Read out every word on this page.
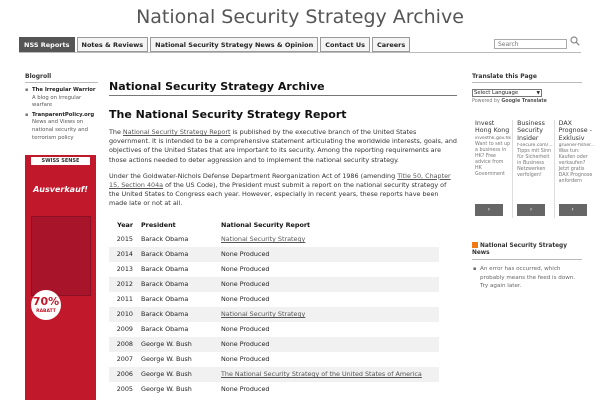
National Security Strategy Archive
NSS Reports	Notes & Reviews	National Security Strategy News & Opinion	Contact Us	Careers
Search
Blogroll
▪ The Irregular Warrior A blog on irregular warfare
▪ TranparentPolicy.org News and Views on national security and terrorism policy
SWISS SENSE
Ausverkauf!
70%
RABATT
National Security Strategy Archive
The National Security Strategy Report

The National Security Strategy Report is published by the executive branch of the United States government. It is intended to be a comprehensive statement articulating the worldwide interests, goals, and objectives of the United States that are important to its security. Among the reporting requirements are those actions needed to deter aggression and to implement the national security strategy.

Under the Goldwater-Nichols Defense Department Reorganization Act of 1986 (amending Title 50, Chapter 15, Section 404a of the US Code), the President must submit a report on the national security strategy of the United States to Congress each year. However, especially in recent years, these reports have been made late or not at all.

Year	President	National Security Report
2015	Barack Obama	National Security Strategy
2014	Barack Obama	None Produced
2013	Barack Obama	None Produced
2012	Barack Obama	None Produced
2011	Barack Obama	None Produced
2010	Barack Obama	National Security Strategy
2009	Barack Obama	None Produced
2008	George W. Bush	None Produced
2007	George W. Bush	None Produced
2006	George W. Bush	The National Security Strategy of the United States of America
2005	George W. Bush	None Produced
Translate this Page
Select Language	▼
Powered by Google Translate
Invest Hong Kong
investhk.gov.hk
Want to set up a business in HK? Free advice from HK Government
›
Business Security Insider
f-secure.com/...
Tipps mit Sinn für Sicherheit in Business Netzwerken verfolgen!
›
DAX Prognose - Exklusiv
gruener-fisher...
Was tun: Kaufen oder verkaufen? Jetzt gratis DAX Prognose anfordern
›
National Security Strategy News
▪ An error has occurred, which probably means the feed is down. Try again later.
